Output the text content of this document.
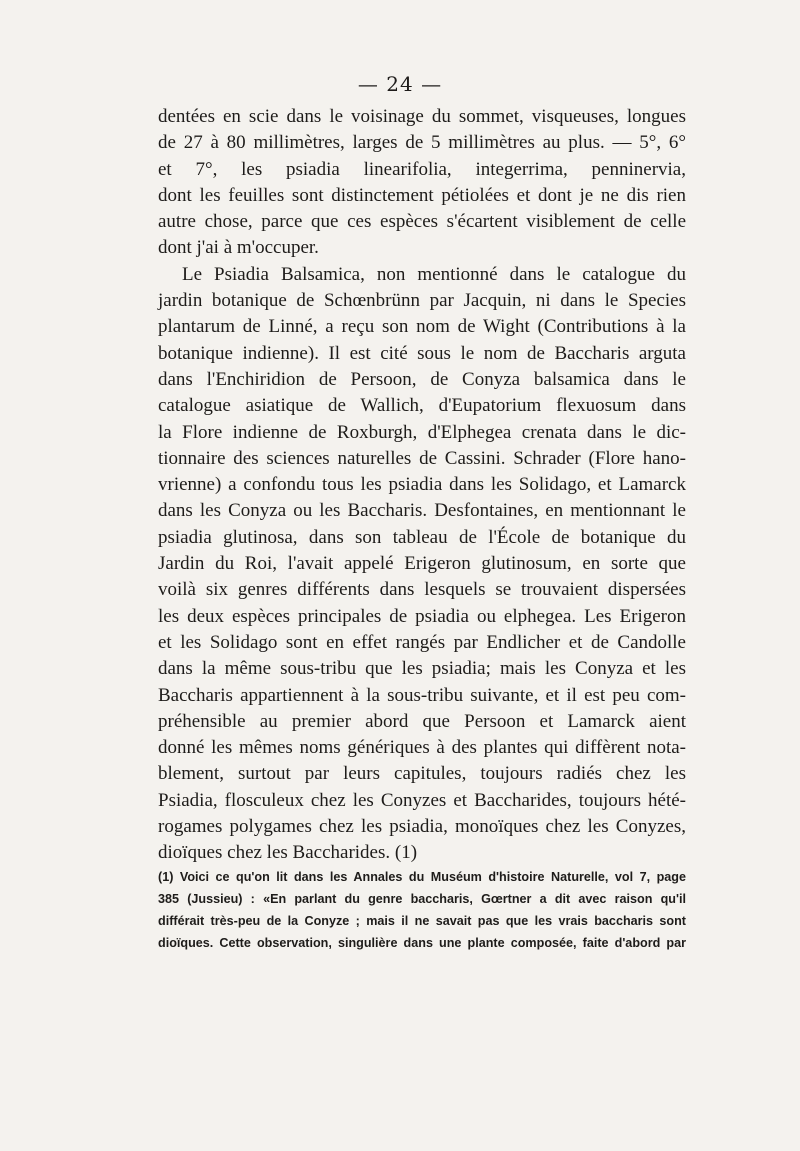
— 24 —

dentées en scie dans le voisinage du sommet, visqueuses, longues
de 27 à 80 millimètres, larges de 5 millimètres au plus. — 5°, 6°
et 7°, les psiadia linearifolia, integerrima, penninervia,
dont les feuilles sont distinctement pétiolées et dont je ne dis rien
autre chose, parce que ces espèces s'écartent visiblement de celle
dont j'ai à m'occuper.

Le Psiadia Balsamica, non mentionné dans le catalogue du
jardin botanique de Schœnbrünn par Jacquin, ni dans le Species
plantarum de Linné, a reçu son nom de Wight (Contributions à la
botanique indienne). Il est cité sous le nom de Baccharis arguta
dans l'Enchiridion de Persoon, de Conyza balsamica dans le
catalogue asiatique de Wallich, d'Eupatorium flexuosum dans
la Flore indienne de Roxburgh, d'Elphegea crenata dans le dic-
tionnaire des sciences naturelles de Cassini. Schrader (Flore hano-
vrienne) a confondu tous les psiadia dans les Solidago, et Lamarck
dans les Conyza ou les Baccharis. Desfontaines, en mentionnant le
psiadia glutinosa, dans son tableau de l'École de botanique du
Jardin du Roi, l'avait appelé Erigeron glutinosum, en sorte que
voilà six genres différents dans lesquels se trouvaient dispersées
les deux espèces principales de psiadia ou elphegea. Les Erigeron
et les Solidago sont en effet rangés par Endlicher et de Candolle
dans la même sous-tribu que les psiadia; mais les Conyza et les
Baccharis appartiennent à la sous-tribu suivante, et il est peu com-
préhensible au premier abord que Persoon et Lamarck aient
donné les mêmes noms génériques à des plantes qui diffèrent nota-
blement, surtout par leurs capitules, toujours radiés chez les
Psiadia, flosculeux chez les Conyzes et Baccharides, toujours hété-
rogames polygames chez les psiadia, monoïques chez les Conyzes,
dioïques chez les Baccharides. (1)

(1) Voici ce qu'on lit dans les Annales du Muséum d'histoire Naturelle, vol 7, page
385 (Jussieu) : «En parlant du genre baccharis, Gœrtner a dit avec raison qu'il
différait très-peu de la Conyze ; mais il ne savait pas que les vrais baccharis sont
dioïques. Cette observation, singulière dans une plante composée, faite d'abord par
